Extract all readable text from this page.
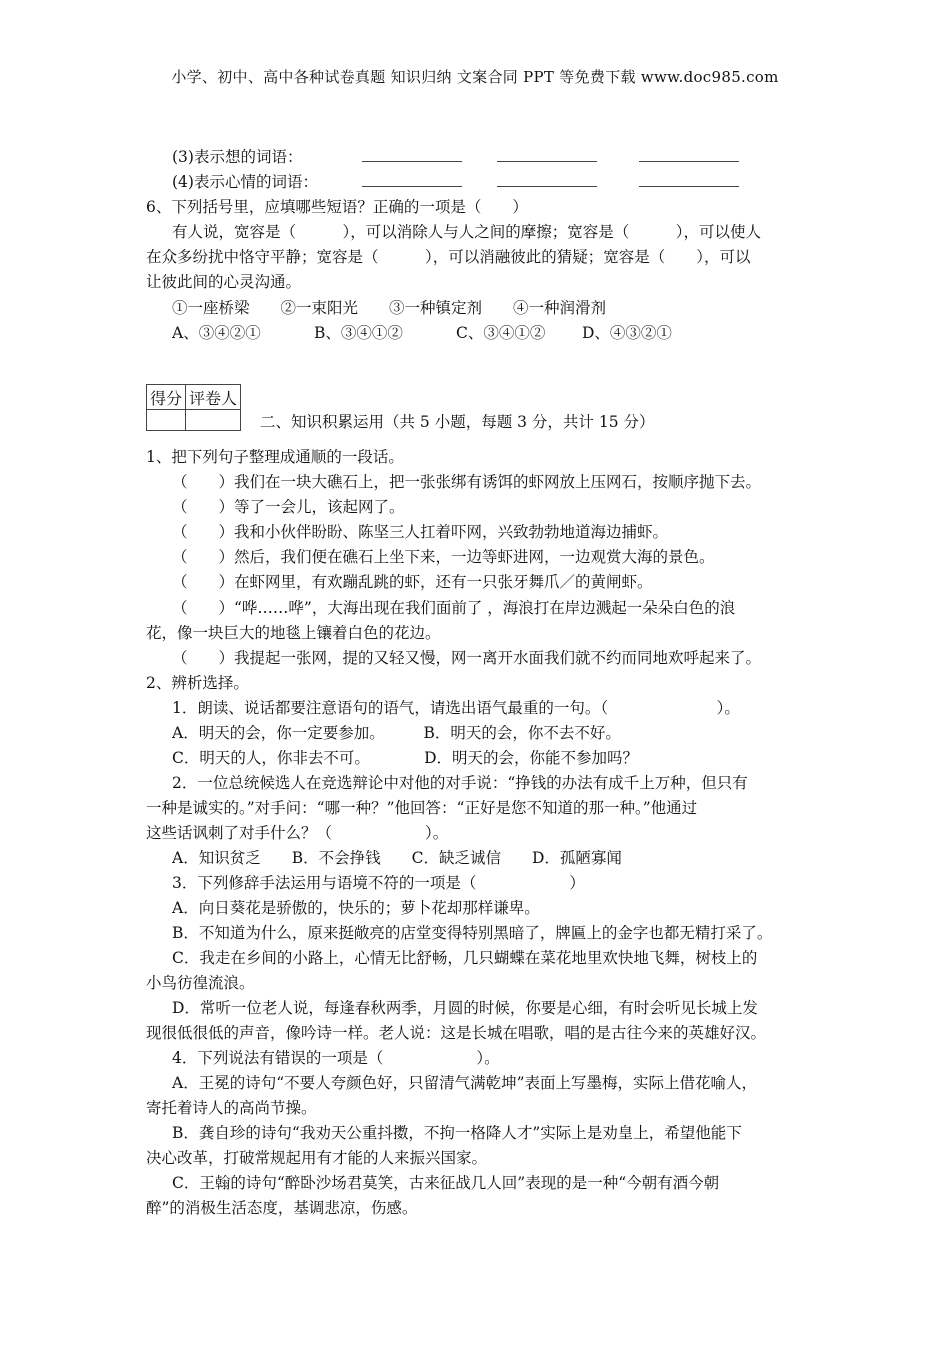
小学、初中、高中各种试卷真题 知识归纳 文案合同 PPT 等免费下载 www.doc985.com
(3)表示想的词语：
(4)表示心情的词语：
6、下列括号里，应填哪些短语？正确的一项是（　　）
有人说，宽容是（　　　），可以消除人与人之间的摩擦；宽容是（　　　），可以使人
在众多纷扰中恪守平静；宽容是（　　　），可以消融彼此的猜疑；宽容是（　　），可以
让彼此间的心灵沟通。
①一座桥梁　　②一束阳光　　③一种镇定剂　　④一种润滑剂
A、③④②①	B、③④①②	C、③④①② D、④③②①
得分	评卷人

二、知识积累运用（共 5 小题，每题 3 分，共计 15 分）
1、把下列句子整理成通顺的一段话。
（　　）我们在一块大礁石上，把一张张绑有诱饵的虾网放上压网石，按顺序抛下去。
（　　）等了一会儿，该起网了。
（　　）我和小伙伴盼盼、陈坚三人扛着吓网，兴致勃勃地道海边捕虾。
（　　）然后，我们便在礁石上坐下来，一边等虾进网，一边观赏大海的景色。
（　　）在虾网里，有欢蹦乱跳的虾，还有一只张牙舞爪／的黄闸虾。
（　　）“哗……哗”，大海出现在我们面前了 ，海浪打在岸边溅起一朵朵白色的浪
花，像一块巨大的地毯上镶着白色的花边。
（　　）我提起一张网，提的又轻又慢，网一离开水面我们就不约而同地欢呼起来了。
2、辨析选择。
1．朗读、说话都要注意语句的语气，请选出语气最重的一句。（　　　　　　　）。
A．明天的会，你一定要参加。　　　B．明天的会，你不去不好。
C．明天的人，你非去不可。　　　　D．明天的会，你能不参加吗？
2．一位总统候选人在竞选辩论中对他的对手说：“挣钱的办法有成千上万种，但只有
一种是诚实的。”对手问：“哪一种？”他回答：“正好是您不知道的那一种。”他通过
这些话讽刺了对手什么？（　　　　　　）。
A．知识贫乏　　B．不会挣钱　　C．缺乏诚信　　D．孤陋寡闻
3．下列修辞手法运用与语境不符的一项是（　　　　　　）
A．向日葵花是骄傲的，快乐的；萝卜花却那样谦卑。
B．不知道为什么，原来挺敞亮的店堂变得特别黑暗了，牌匾上的金字也都无精打采了。
C．我走在乡间的小路上，心情无比舒畅，几只蝴蝶在菜花地里欢快地飞舞，树枝上的
小鸟彷徨流浪。
D．常听一位老人说，每逢春秋两季，月圆的时候，你要是心细，有时会听见长城上发
现很低很低的声音，像吟诗一样。老人说：这是长城在唱歌，唱的是古往今来的英雄好汉。
4．下列说法有错误的一项是（　　　　　　）。
A．王冕的诗句“不要人夸颜色好，只留清气满乾坤”表面上写墨梅，实际上借花喻人，
寄托着诗人的高尚节操。
B．龚自珍的诗句“我劝天公重抖擞，不拘一格降人才”实际上是劝皇上，希望他能下
决心改革，打破常规起用有才能的人来振兴国家。
C．王翰的诗句“醉卧沙场君莫笑，古来征战几人回”表现的是一种“今朝有酒今朝
醉”的消极生活态度，基调悲凉，伤感。
